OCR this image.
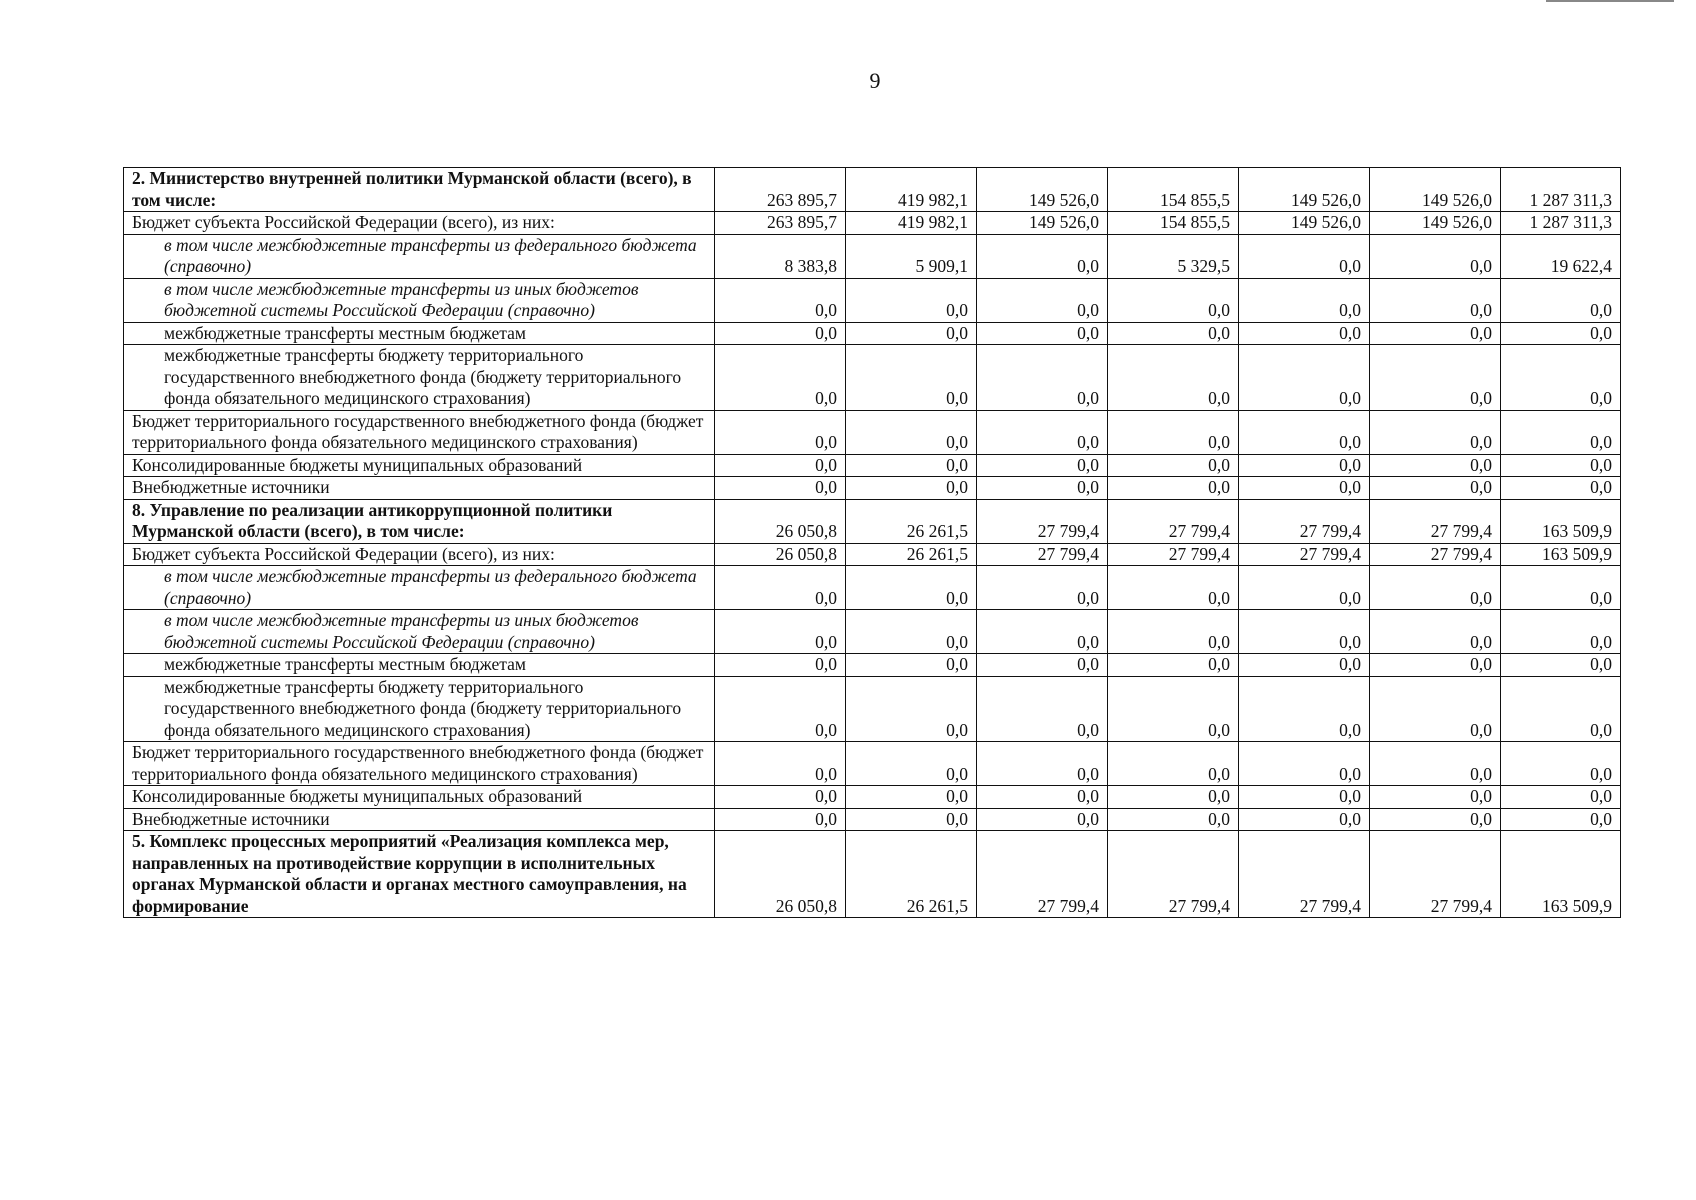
9
2. Министерство внутренней политики Мурманской области (всего), в том числе:	263 895,7	419 982,1	149 526,0	154 855,5	149 526,0	149 526,0	1 287 311,3
Бюджет субъекта Российской Федерации (всего), из них:	263 895,7	419 982,1	149 526,0	154 855,5	149 526,0	149 526,0	1 287 311,3
в том числе межбюджетные трансферты из федерального бюджета (справочно)	8 383,8	5 909,1	0,0	5 329,5	0,0	0,0	19 622,4
в том числе межбюджетные трансферты из иных бюджетов бюджетной системы Российской Федерации (справочно)	0,0	0,0	0,0	0,0	0,0	0,0	0,0
межбюджетные трансферты местным бюджетам	0,0	0,0	0,0	0,0	0,0	0,0	0,0
межбюджетные трансферты бюджету территориального государственного внебюджетного фонда (бюджету территориального фонда обязательного медицинского страхования)	0,0	0,0	0,0	0,0	0,0	0,0	0,0
Бюджет территориального государственного внебюджетного фонда (бюджет территориального фонда обязательного медицинского страхования)	0,0	0,0	0,0	0,0	0,0	0,0	0,0
Консолидированные бюджеты муниципальных образований	0,0	0,0	0,0	0,0	0,0	0,0	0,0
Внебюджетные источники	0,0	0,0	0,0	0,0	0,0	0,0	0,0
8. Управление по реализации антикоррупционной политики Мурманской области (всего), в том числе:	26 050,8	26 261,5	27 799,4	27 799,4	27 799,4	27 799,4	163 509,9
Бюджет субъекта Российской Федерации (всего), из них:	26 050,8	26 261,5	27 799,4	27 799,4	27 799,4	27 799,4	163 509,9
в том числе межбюджетные трансферты из федерального бюджета (справочно)	0,0	0,0	0,0	0,0	0,0	0,0	0,0
в том числе межбюджетные трансферты из иных бюджетов бюджетной системы Российской Федерации (справочно)	0,0	0,0	0,0	0,0	0,0	0,0	0,0
межбюджетные трансферты местным бюджетам	0,0	0,0	0,0	0,0	0,0	0,0	0,0
межбюджетные трансферты бюджету территориального государственного внебюджетного фонда (бюджету территориального фонда обязательного медицинского страхования)	0,0	0,0	0,0	0,0	0,0	0,0	0,0
Бюджет территориального государственного внебюджетного фонда (бюджет территориального фонда обязательного медицинского страхования)	0,0	0,0	0,0	0,0	0,0	0,0	0,0
Консолидированные бюджеты муниципальных образований	0,0	0,0	0,0	0,0	0,0	0,0	0,0
Внебюджетные источники	0,0	0,0	0,0	0,0	0,0	0,0	0,0
5. Комплекс процессных мероприятий «Реализация комплекса мер, направленных на противодействие коррупции в исполнительных органах Мурманской области и органах местного самоуправления, на формирование	26 050,8	26 261,5	27 799,4	27 799,4	27 799,4	27 799,4	163 509,9
